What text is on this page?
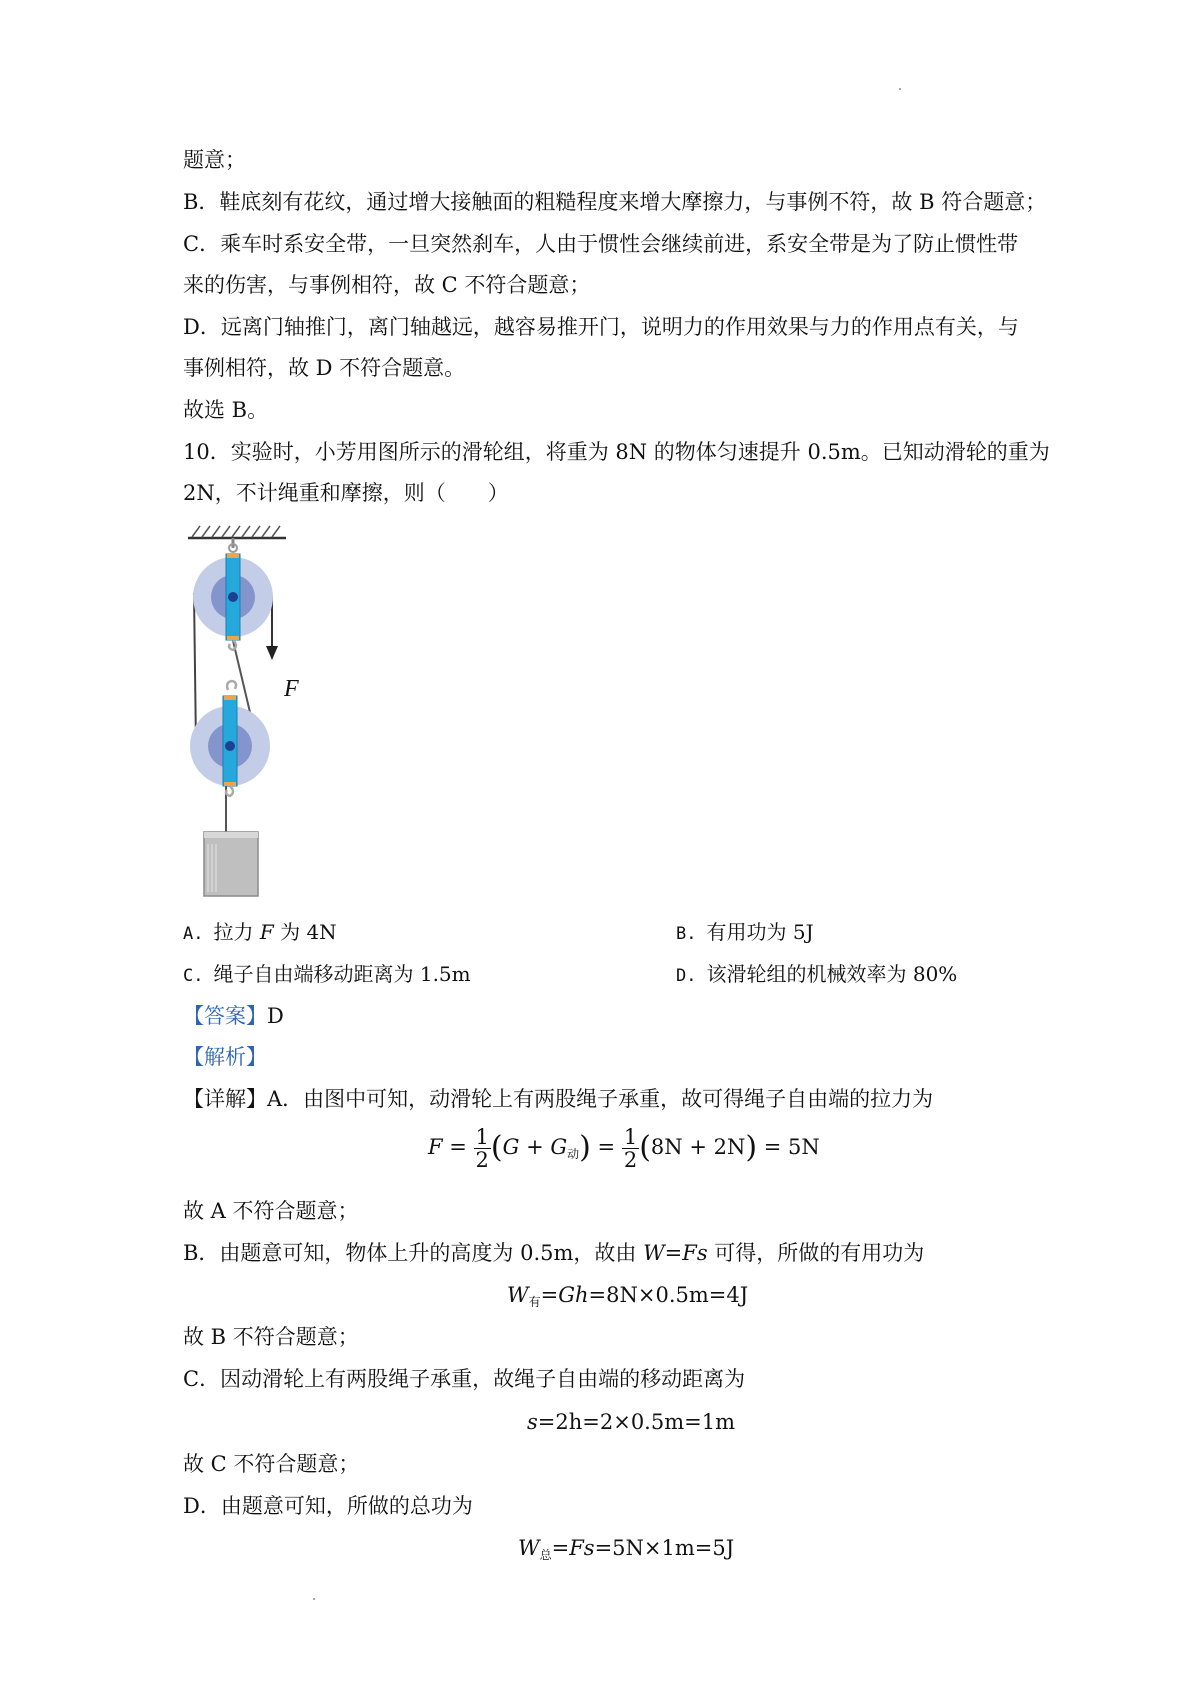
题意；
B．鞋底刻有花纹，通过增大接触面的粗糙程度来增大摩擦力，与事例不符，故 B 符合题意；
C．乘车时系安全带，一旦突然刹车，人由于惯性会继续前进，系安全带是为了防止惯性带
来的伤害，与事例相符，故 C 不符合题意；
D．远离门轴推门，离门轴越远，越容易推开门，说明力的作用效果与力的作用点有关，与
事例相符，故 D 不符合题意。
故选 B。
10．实验时，小芳用图所示的滑轮组，将重为 8N 的物体匀速提升 0.5m。已知动滑轮的重为
2N，不计绳重和摩擦，则（　　）
F
A. 拉力 F 为 4N	B. 有用功为 5J
C. 绳子自由端移动距离为 1.5m	D. 该滑轮组的机械效率为 80%
【答案】D
【解析】
【详解】A．由图中可知，动滑轮上有两股绳子承重，故可得绳子自由端的拉力为
$F = \frac{1}{2} (G + G_动) = \frac{1}{2} (8N + 2N) = 5N$
故 A 不符合题意；
B．由题意可知，物体上升的高度为 0.5m，故由 W=Fs 可得，所做的有用功为
$W_有=Gh=8N\times 0.5m=4J$
故 B 不符合题意；
C．因动滑轮上有两股绳子承重，故绳子自由端的移动距离为
s=2h=2×0.5m=1m
故 C 不符合题意；
D．由题意可知，所做的总功为
$W_总=Fs=5N\times 1m=5J$
